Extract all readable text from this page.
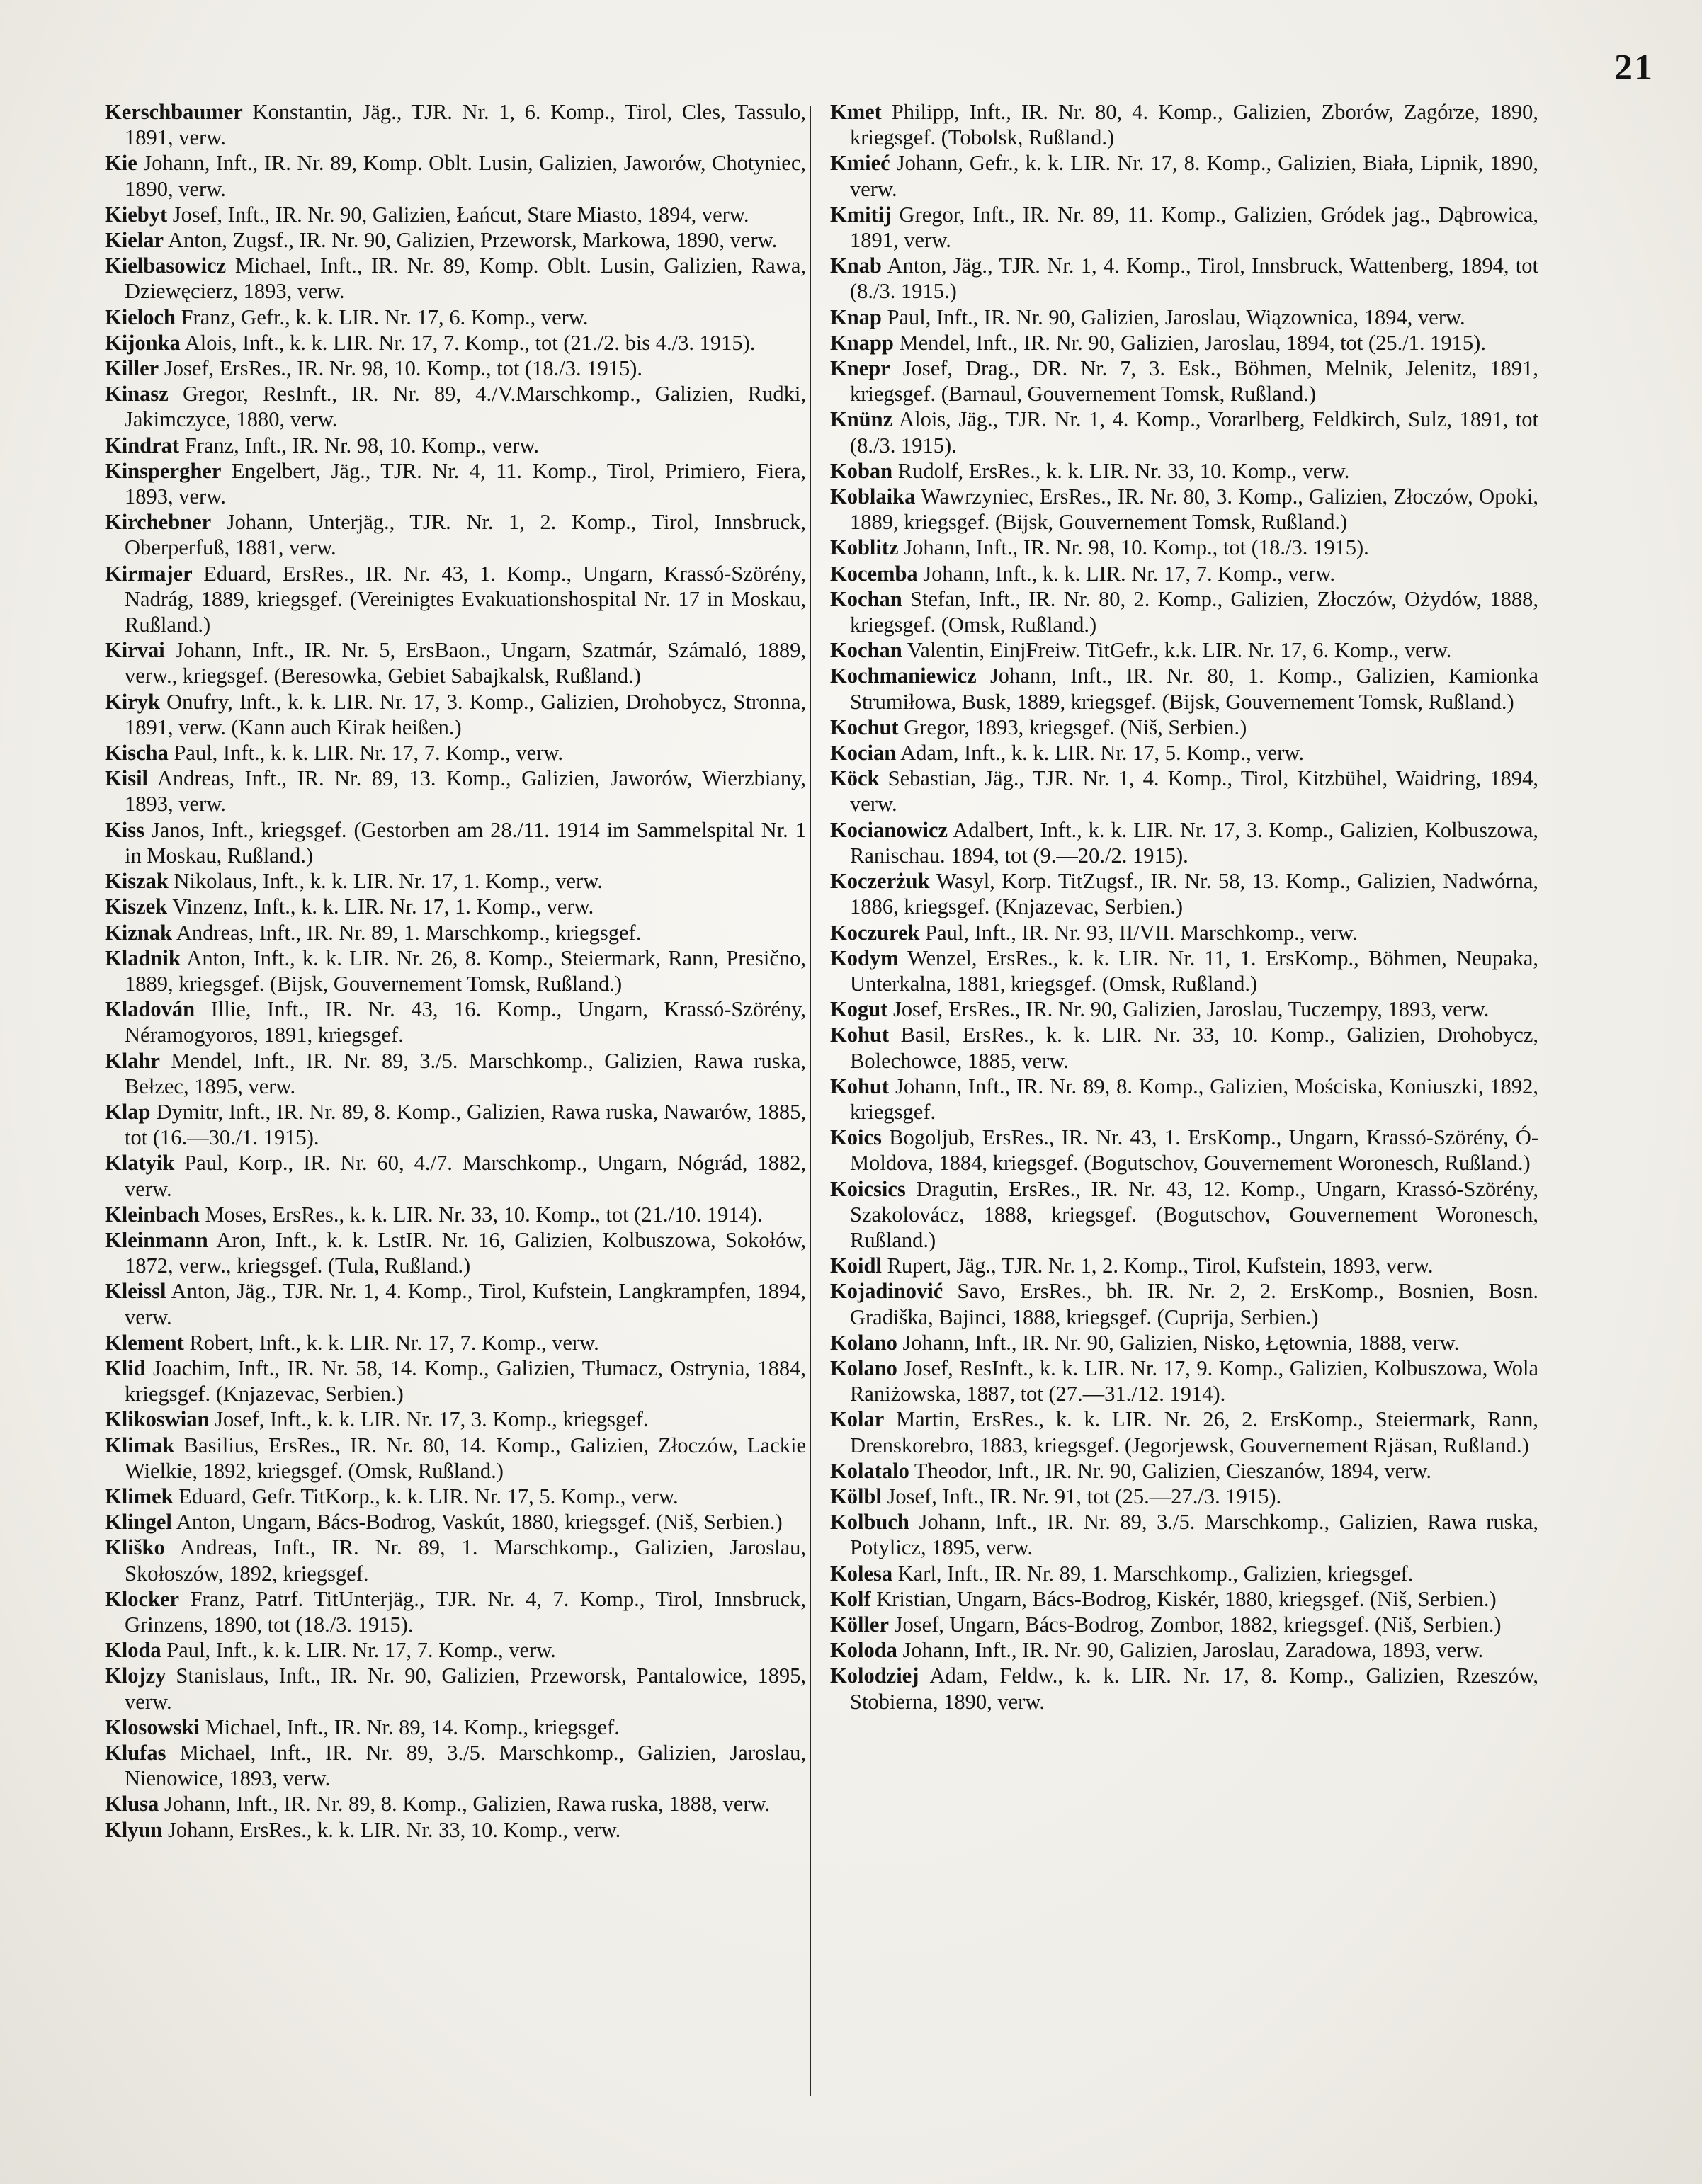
21

Kerschbaumer Konstantin, Jäg., TJR. Nr. 1, 6. Komp., Tirol, Cles, Tassulo, 1891, verw.

Kie Johann, Inft., IR. Nr. 89, Komp. Oblt. Lusin, Galizien, Jaworów, Chotyniec, 1890, verw.

Kiebyt Josef, Inft., IR. Nr. 90, Galizien, Łańcut, Stare Miasto, 1894, verw.

Kielar Anton, Zugsf., IR. Nr. 90, Galizien, Przeworsk, Markowa, 1890, verw.

Kielbasowicz Michael, Inft., IR. Nr. 89, Komp. Oblt. Lusin, Galizien, Rawa, Dziewęcierz, 1893, verw.

Kieloch Franz, Gefr., k. k. LIR. Nr. 17, 6. Komp., verw.

Kijonka Alois, Inft., k. k. LIR. Nr. 17, 7. Komp., tot (21./2. bis 4./3. 1915).

Killer Josef, ErsRes., IR. Nr. 98, 10. Komp., tot (18./3. 1915).

Kinasz Gregor, ResInft., IR. Nr. 89, 4./V.Marschkomp., Galizien, Rudki, Jakimczyce, 1880, verw.

Kindrat Franz, Inft., IR. Nr. 98, 10. Komp., verw.

Kinspergher Engelbert, Jäg., TJR. Nr. 4, 11. Komp., Tirol, Primiero, Fiera, 1893, verw.

Kirchebner Johann, Unterjäg., TJR. Nr. 1, 2. Komp., Tirol, Innsbruck, Oberperfuß, 1881, verw.

Kirmajer Eduard, ErsRes., IR. Nr. 43, 1. Komp., Ungarn, Krassó-Szörény, Nadrág, 1889, kriegsgef. (Vereinigtes Evakuationshospital Nr. 17 in Moskau, Rußland.)

Kirvai Johann, Inft., IR. Nr. 5, ErsBaon., Ungarn, Szatmár, Számaló, 1889, verw., kriegsgef. (Beresowka, Gebiet Sabajkalsk, Rußland.)

Kiryk Onufry, Inft., k. k. LIR. Nr. 17, 3. Komp., Galizien, Drohobycz, Stronna, 1891, verw. (Kann auch Kirak heißen.)

Kischa Paul, Inft., k. k. LIR. Nr. 17, 7. Komp., verw.

Kisil Andreas, Inft., IR. Nr. 89, 13. Komp., Galizien, Jaworów, Wierzbiany, 1893, verw.

Kiss Janos, Inft., kriegsgef. (Gestorben am 28./11. 1914 im Sammelspital Nr. 1 in Moskau, Rußland.)

Kiszak Nikolaus, Inft., k. k. LIR. Nr. 17, 1. Komp., verw.

Kiszek Vinzenz, Inft., k. k. LIR. Nr. 17, 1. Komp., verw.

Kiznak Andreas, Inft., IR. Nr. 89, 1. Marschkomp., kriegsgef.

Kladnik Anton, Inft., k. k. LIR. Nr. 26, 8. Komp., Steiermark, Rann, Presično, 1889, kriegsgef. (Bijsk, Gouvernement Tomsk, Rußland.)

Kladován Illie, Inft., IR. Nr. 43, 16. Komp., Ungarn, Krassó-Szörény, Néramogyoros, 1891, kriegsgef.

Klahr Mendel, Inft., IR. Nr. 89, 3./5. Marschkomp., Galizien, Rawa ruska, Bełzec, 1895, verw.

Klap Dymitr, Inft., IR. Nr. 89, 8. Komp., Galizien, Rawa ruska, Nawarów, 1885, tot (16.—30./1. 1915).

Klatyik Paul, Korp., IR. Nr. 60, 4./7. Marschkomp., Ungarn, Nógrád, 1882, verw.

Kleinbach Moses, ErsRes., k. k. LIR. Nr. 33, 10. Komp., tot (21./10. 1914).

Kleinmann Aron, Inft., k. k. LstIR. Nr. 16, Galizien, Kolbuszowa, Sokołów, 1872, verw., kriegsgef. (Tula, Rußland.)

Kleissl Anton, Jäg., TJR. Nr. 1, 4. Komp., Tirol, Kufstein, Langkrampfen, 1894, verw.

Klement Robert, Inft., k. k. LIR. Nr. 17, 7. Komp., verw.

Klid Joachim, Inft., IR. Nr. 58, 14. Komp., Galizien, Tłumacz, Ostrynia, 1884, kriegsgef. (Knjazevac, Serbien.)

Klikoswian Josef, Inft., k. k. LIR. Nr. 17, 3. Komp., kriegsgef.

Klimak Basilius, ErsRes., IR. Nr. 80, 14. Komp., Galizien, Złoczów, Lackie Wielkie, 1892, kriegsgef. (Omsk, Rußland.)

Klimek Eduard, Gefr. TitKorp., k. k. LIR. Nr. 17, 5. Komp., verw.

Klingel Anton, Ungarn, Bács-Bodrog, Vaskút, 1880, kriegsgef. (Niš, Serbien.)

Kliško Andreas, Inft., IR. Nr. 89, 1. Marschkomp., Galizien, Jaroslau, Skołoszów, 1892, kriegsgef.

Klocker Franz, Patrf. TitUnterjäg., TJR. Nr. 4, 7. Komp., Tirol, Innsbruck, Grinzens, 1890, tot (18./3. 1915).

Kloda Paul, Inft., k. k. LIR. Nr. 17, 7. Komp., verw.

Klojzy Stanislaus, Inft., IR. Nr. 90, Galizien, Przeworsk, Pantalowice, 1895, verw.

Klosowski Michael, Inft., IR. Nr. 89, 14. Komp., kriegsgef.

Klufas Michael, Inft., IR. Nr. 89, 3./5. Marschkomp., Galizien, Jaroslau, Nienowice, 1893, verw.

Klusa Johann, Inft., IR. Nr. 89, 8. Komp., Galizien, Rawa ruska, 1888, verw.

Klyun Johann, ErsRes., k. k. LIR. Nr. 33, 10. Komp., verw.

Kmet Philipp, Inft., IR. Nr. 80, 4. Komp., Galizien, Zborów, Zagórze, 1890, kriegsgef. (Tobolsk, Rußland.)

Kmieć Johann, Gefr., k. k. LIR. Nr. 17, 8. Komp., Galizien, Biała, Lipnik, 1890, verw.

Kmitij Gregor, Inft., IR. Nr. 89, 11. Komp., Galizien, Gródek jag., Dąbrowica, 1891, verw.

Knab Anton, Jäg., TJR. Nr. 1, 4. Komp., Tirol, Innsbruck, Wattenberg, 1894, tot (8./3. 1915.)

Knap Paul, Inft., IR. Nr. 90, Galizien, Jaroslau, Wiązownica, 1894, verw.

Knapp Mendel, Inft., IR. Nr. 90, Galizien, Jaroslau, 1894, tot (25./1. 1915).

Knepr Josef, Drag., DR. Nr. 7, 3. Esk., Böhmen, Melnik, Jelenitz, 1891, kriegsgef. (Barnaul, Gouvernement Tomsk, Rußland.)

Knünz Alois, Jäg., TJR. Nr. 1, 4. Komp., Vorarlberg, Feldkirch, Sulz, 1891, tot (8./3. 1915).

Koban Rudolf, ErsRes., k. k. LIR. Nr. 33, 10. Komp., verw.

Koblaika Wawrzyniec, ErsRes., IR. Nr. 80, 3. Komp., Galizien, Złoczów, Opoki, 1889, kriegsgef. (Bijsk, Gouvernement Tomsk, Rußland.)

Koblitz Johann, Inft., IR. Nr. 98, 10. Komp., tot (18./3. 1915).

Kocemba Johann, Inft., k. k. LIR. Nr. 17, 7. Komp., verw.

Kochan Stefan, Inft., IR. Nr. 80, 2. Komp., Galizien, Złoczów, Ożydów, 1888, kriegsgef. (Omsk, Rußland.)

Kochan Valentin, EinjFreiw. TitGefr., k.k. LIR. Nr. 17, 6. Komp., verw.

Kochmaniewicz Johann, Inft., IR. Nr. 80, 1. Komp., Galizien, Kamionka Strumiłowa, Busk, 1889, kriegsgef. (Bijsk, Gouvernement Tomsk, Rußland.)

Kochut Gregor, 1893, kriegsgef. (Niš, Serbien.)

Kocian Adam, Inft., k. k. LIR. Nr. 17, 5. Komp., verw.

Köck Sebastian, Jäg., TJR. Nr. 1, 4. Komp., Tirol, Kitzbühel, Waidring, 1894, verw.

Kocianowicz Adalbert, Inft., k. k. LIR. Nr. 17, 3. Komp., Galizien, Kolbuszowa, Ranischau. 1894, tot (9.—20./2. 1915).

Koczerżuk Wasyl, Korp. TitZugsf., IR. Nr. 58, 13. Komp., Galizien, Nadwórna, 1886, kriegsgef. (Knjazevac, Serbien.)

Koczurek Paul, Inft., IR. Nr. 93, II/VII. Marschkomp., verw.

Kodym Wenzel, ErsRes., k. k. LIR. Nr. 11, 1. ErsKomp., Böhmen, Neupaka, Unterkalna, 1881, kriegsgef. (Omsk, Rußland.)

Kogut Josef, ErsRes., IR. Nr. 90, Galizien, Jaroslau, Tuczempy, 1893, verw.

Kohut Basil, ErsRes., k. k. LIR. Nr. 33, 10. Komp., Galizien, Drohobycz, Bolechowce, 1885, verw.

Kohut Johann, Inft., IR. Nr. 89, 8. Komp., Galizien, Mościska, Koniuszki, 1892, kriegsgef.

Koics Bogoljub, ErsRes., IR. Nr. 43, 1. ErsKomp., Ungarn, Krassó-Szörény, Ó-Moldova, 1884, kriegsgef. (Bogutschov, Gouvernement Woronesch, Rußland.)

Koicsics Dragutin, ErsRes., IR. Nr. 43, 12. Komp., Ungarn, Krassó-Szörény, Szakolovácz, 1888, kriegsgef. (Bogutschov, Gouvernement Woronesch, Rußland.)

Koidl Rupert, Jäg., TJR. Nr. 1, 2. Komp., Tirol, Kufstein, 1893, verw.

Kojadinović Savo, ErsRes., bh. IR. Nr. 2, 2. ErsKomp., Bosnien, Bosn. Gradiška, Bajinci, 1888, kriegsgef. (Cuprija, Serbien.)

Kolano Johann, Inft., IR. Nr. 90, Galizien, Nisko, Łętownia, 1888, verw.

Kolano Josef, ResInft., k. k. LIR. Nr. 17, 9. Komp., Galizien, Kolbuszowa, Wola Raniżowska, 1887, tot (27.—31./12. 1914).

Kolar Martin, ErsRes., k. k. LIR. Nr. 26, 2. ErsKomp., Steiermark, Rann, Drenskorebro, 1883, kriegsgef. (Jegorjewsk, Gouvernement Rjäsan, Rußland.)

Kolatalo Theodor, Inft., IR. Nr. 90, Galizien, Cieszanów, 1894, verw.

Kölbl Josef, Inft., IR. Nr. 91, tot (25.—27./3. 1915).

Kolbuch Johann, Inft., IR. Nr. 89, 3./5. Marschkomp., Galizien, Rawa ruska, Potylicz, 1895, verw.

Kolesa Karl, Inft., IR. Nr. 89, 1. Marschkomp., Galizien, kriegsgef.

Kolf Kristian, Ungarn, Bács-Bodrog, Kiskér, 1880, kriegsgef. (Niš, Serbien.)

Köller Josef, Ungarn, Bács-Bodrog, Zombor, 1882, kriegsgef. (Niš, Serbien.)

Koloda Johann, Inft., IR. Nr. 90, Galizien, Jaroslau, Zaradowa, 1893, verw.

Kolodziej Adam, Feldw., k. k. LIR. Nr. 17, 8. Komp., Galizien, Rzeszów, Stobierna, 1890, verw.
